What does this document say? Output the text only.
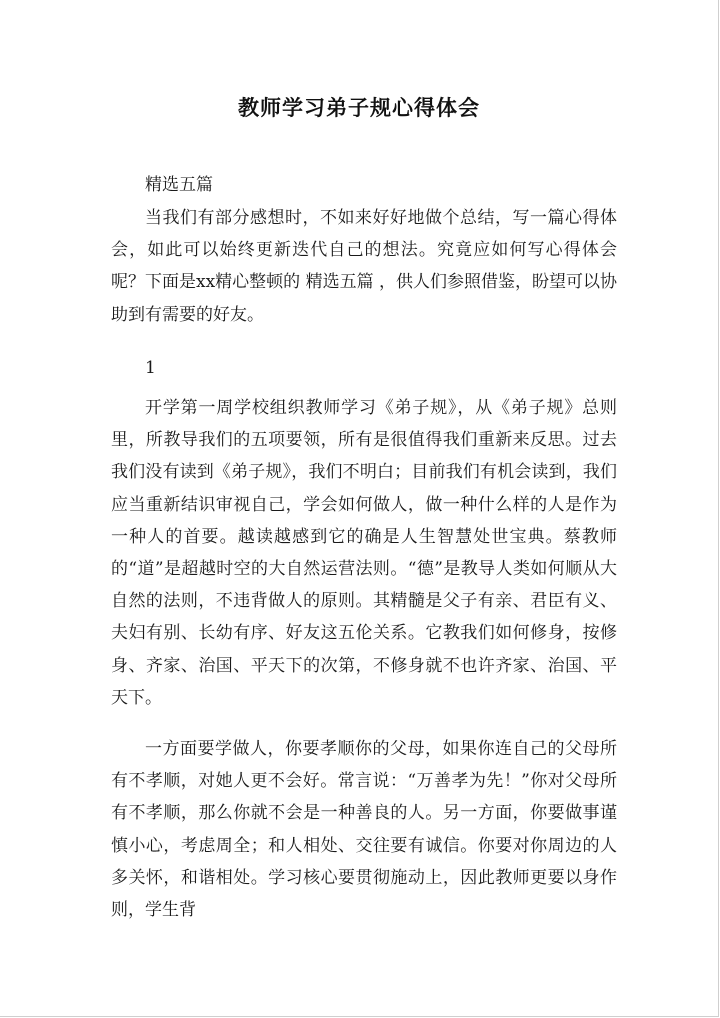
教师学习弟子规心得体会

精选五篇

当我们有部分感想时，不如来好好地做个总结，写一篇心得体会，如此可以始终更新迭代自己的想法。究竟应如何写心得体会呢？下面是xx精心整顿的 精选五篇 ，供人们参照借鉴，盼望可以协助到有需要的好友。

1

开学第一周学校组织教师学习《弟子规》，从《弟子规》总则里，所教导我们的五项要领，所有是很值得我们重新来反思。过去我们没有读到《弟子规》，我们不明白；目前我们有机会读到，我们应当重新结识审视自己，学会如何做人，做一种什么样的人是作为一种人的首要。越读越感到它的确是人生智慧处世宝典。蔡教师的“道”是超越时空的大自然运营法则。“德”是教导人类如何顺从大自然的法则，不违背做人的原则。其精髓是父子有亲、君臣有义、夫妇有别、长幼有序、好友这五伦关系。它教我们如何修身，按修身、齐家、治国、平天下的次第，不修身就不也许齐家、治国、平天下。

一方面要学做人，你要孝顺你的父母，如果你连自己的父母所有不孝顺，对她人更不会好。常言说：“万善孝为先！”你对父母所有不孝顺，那么你就不会是一种善良的人。另一方面，你要做事谨慎小心，考虑周全；和人相处、交往要有诚信。你要对你周边的人多关怀，和谐相处。学习核心要贯彻施动上，因此教师更要以身作则，学生背
